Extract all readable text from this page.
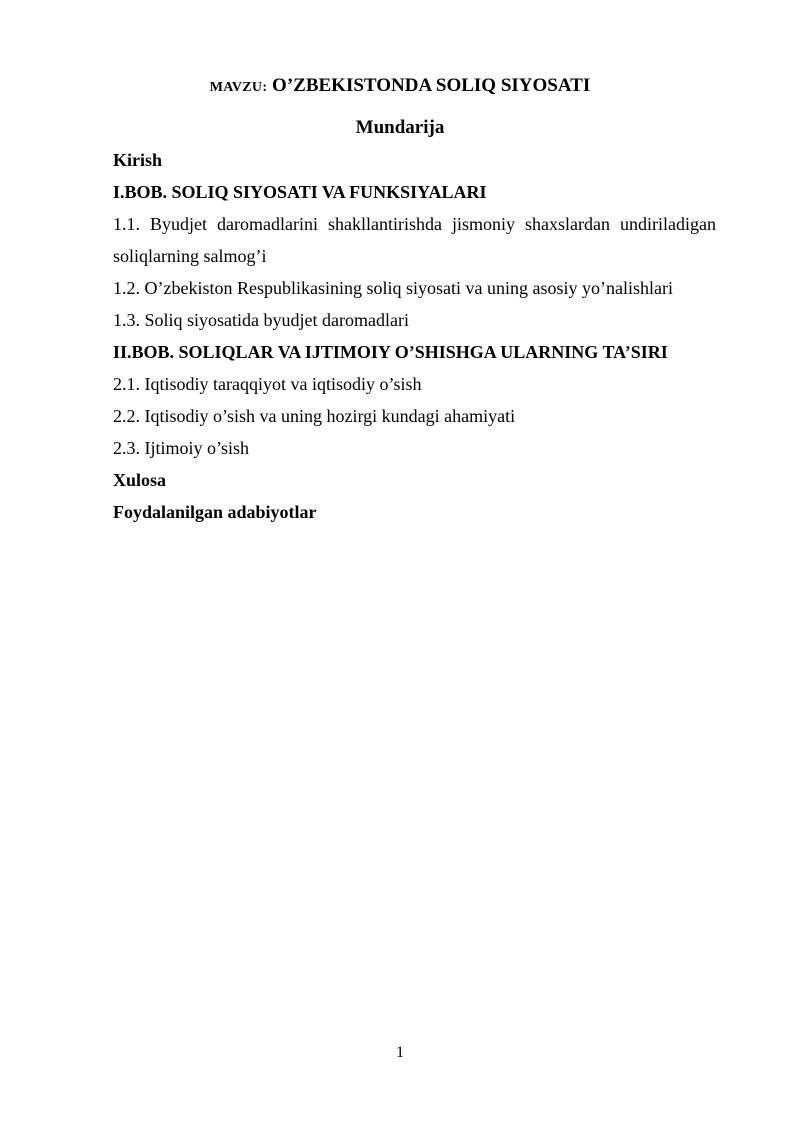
MAVZU: O’ZBEKISTONDA SOLIQ SIYOSATI
Mundarija
Kirish
I.BOB. SOLIQ SIYOSATI VA FUNKSIYALARI
1.1. Byudjet daromadlarini shakllantirishda jismoniy shaxslardan undiriladigan
soliqlarning salmog’i
1.2. O’zbekiston Respublikasining soliq siyosati va uning asosiy yo’nalishlari
1.3. Soliq siyosatida byudjet daromadlari
II.BOB. SOLIQLAR VA IJTIMOIY O’SHISHGA ULARNING TA’SIRI
2.1. Iqtisodiy taraqqiyot va iqtisodiy o’sish
2.2. Iqtisodiy o’sish va uning hozirgi kundagi ahamiyati
2.3. Ijtimoiy o’sish
Xulosa
Foydalanilgan adabiyotlar
1
